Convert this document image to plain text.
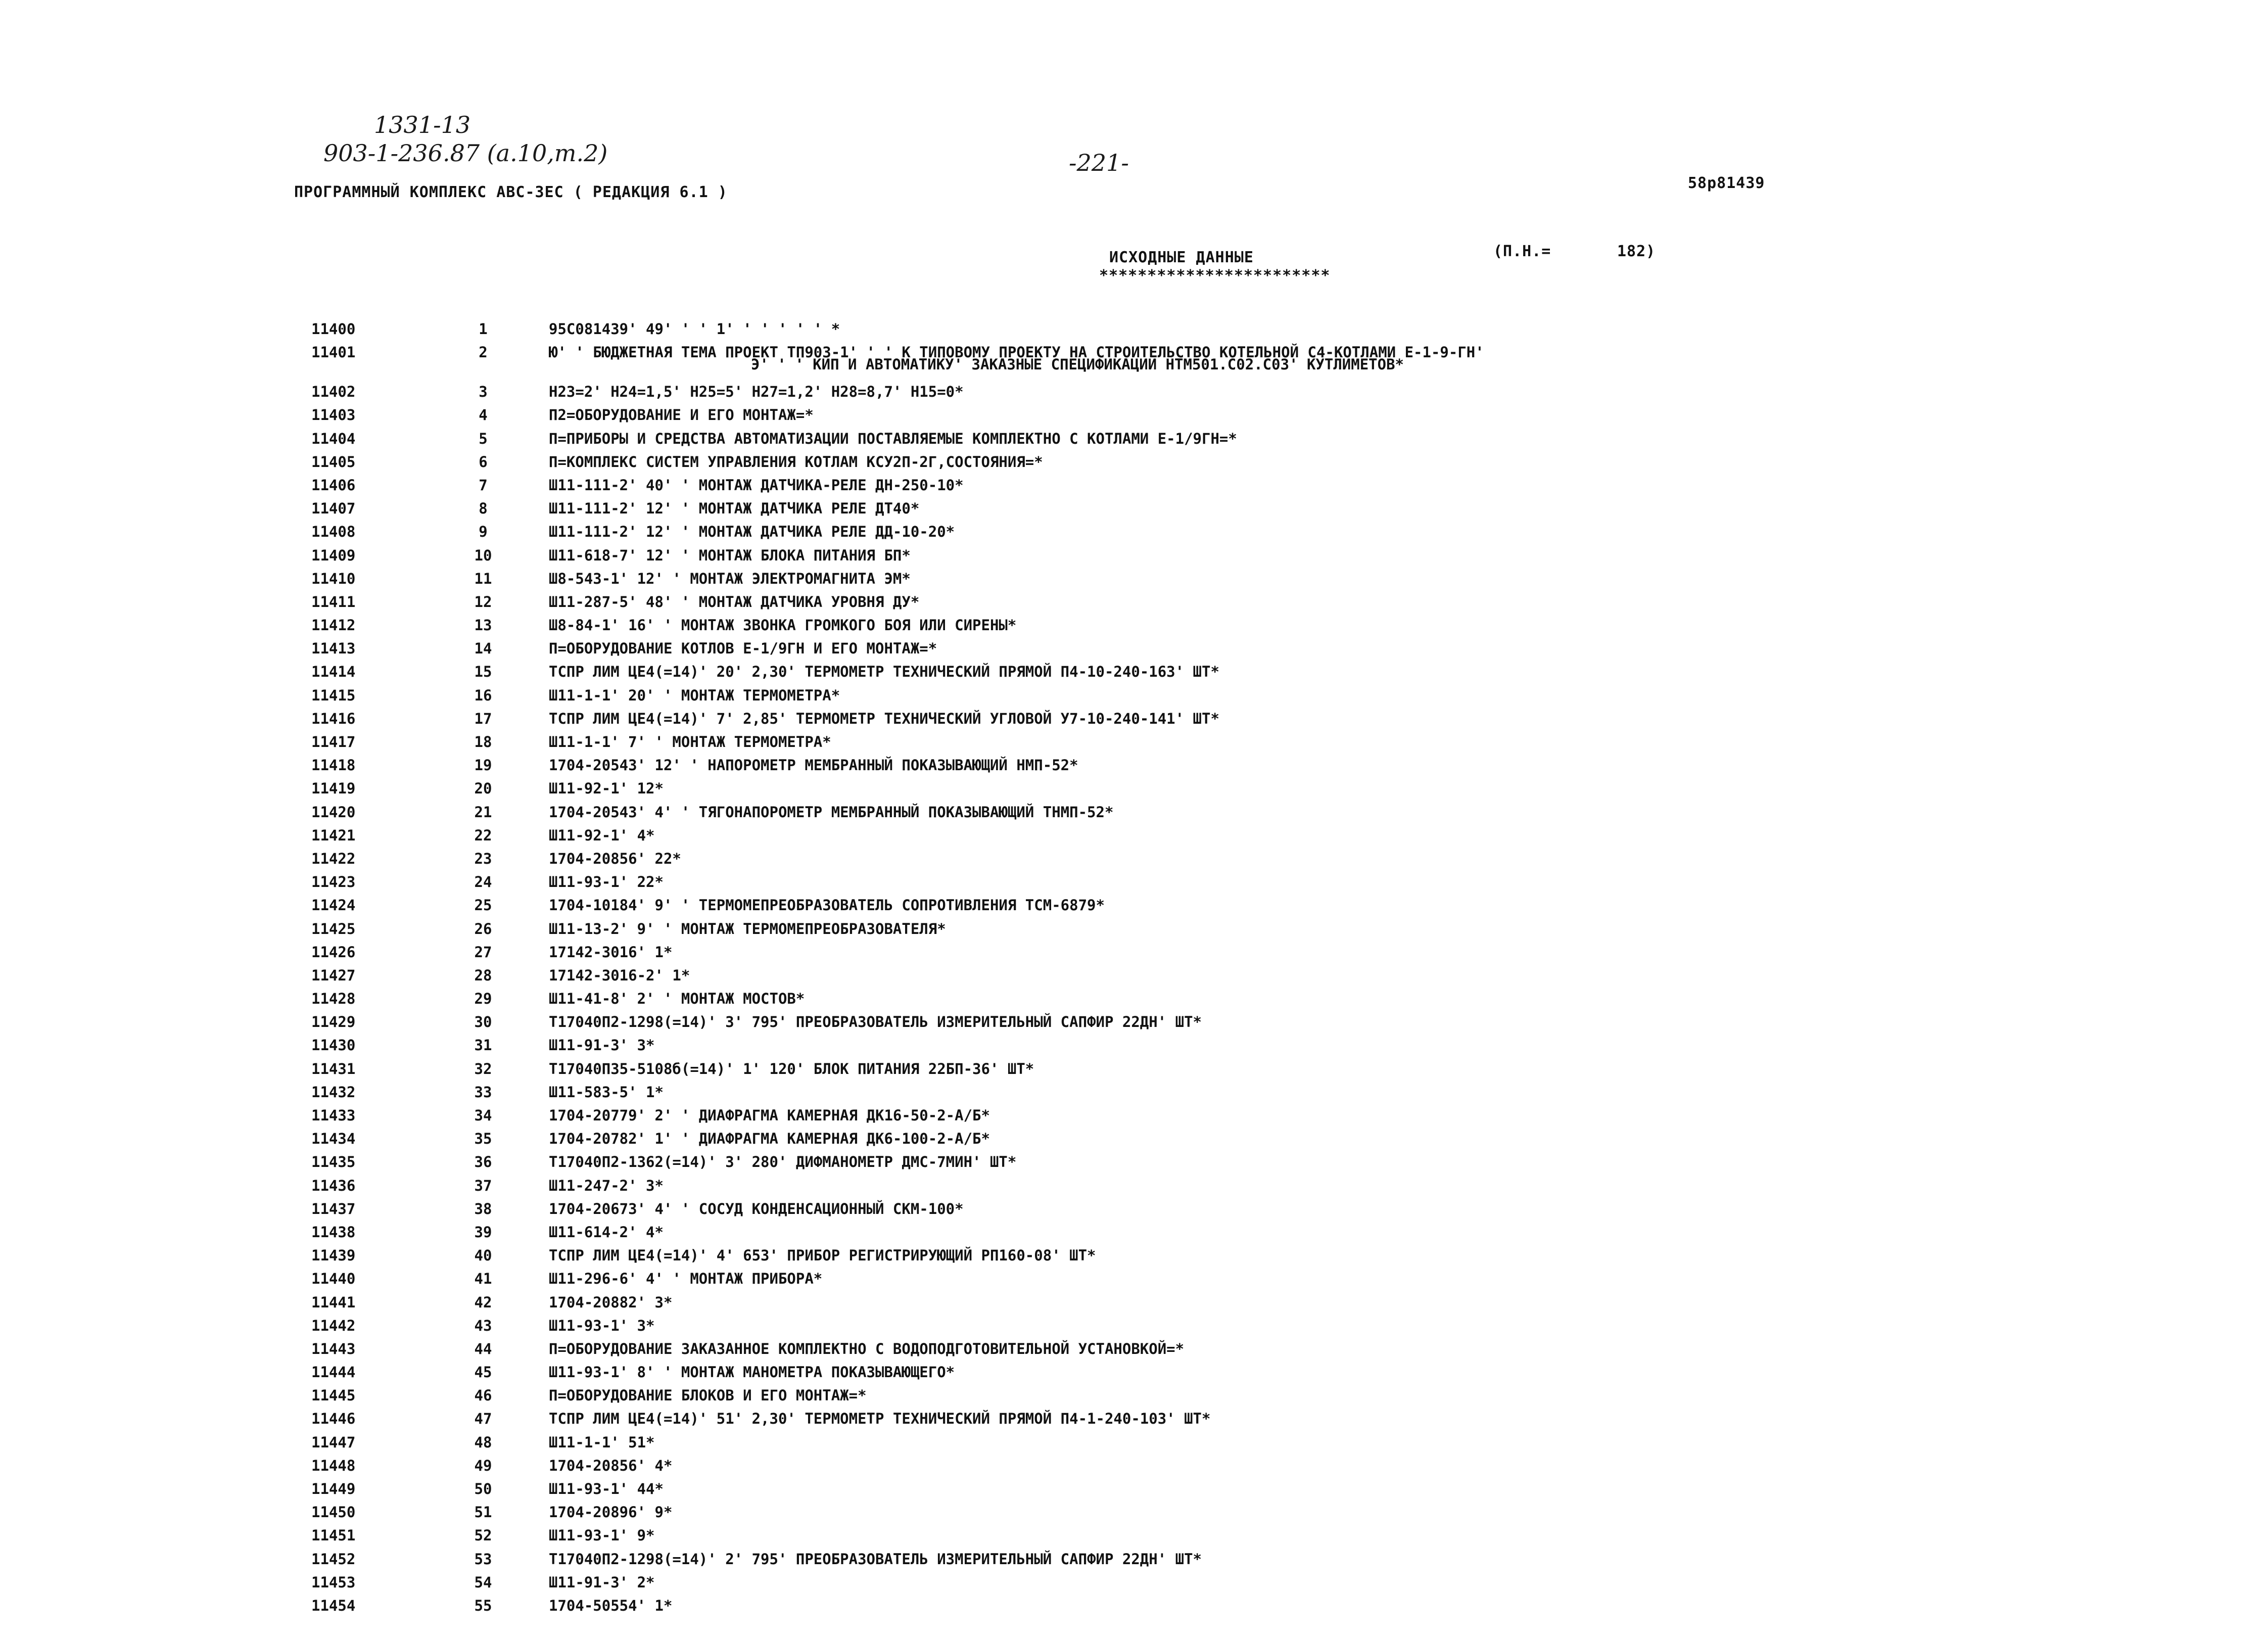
1331-13
903-1-236.87 (а.10,т.2)	-221-
ПРОГРАММНЫЙ КОМПЛЕКС АВС-3ЕС ( РЕДАКЦИЯ 6.1 )
58р81439
ИСХОДНЫЕ ДАННЫЕ
************************
(П.Н.=	182)
11400	1	95С081439' 49' ' ' 1' ' ' ' ' ' *
11401	2	Ю' ' БЮДЖЕТНАЯ ТЕМА ПРОЕКТ ТП903-1' ' ' К ТИПОВОМУ ПРОЕКТУ НА СТРОИТЕЛЬСТВО КОТЕЛЬНОЙ С4-КОТЛАМИ Е-1-9-ГН'
Э' ' ' КИП И АВТОМАТИКУ' ЗАКАЗНЫЕ СПЕЦИФИКАЦИИ НТМ501.С02.С03' КУТЛИМЕТОВ*
11402	3	Н23=2' Н24=1,5' Н25=5' Н27=1,2' Н28=8,7' Н15=0*
11403	4	П2=ОБОРУДОВАНИЕ И ЕГО МОНТАЖ=*
11404	5	П=ПРИБОРЫ И СРЕДСТВА АВТОМАТИЗАЦИИ ПОСТАВЛЯЕМЫЕ КОМПЛЕКТНО С КОТЛАМИ Е-1/9ГН=*
11405	6	П=КОМПЛЕКС СИСТЕМ УПРАВЛЕНИЯ КОТЛАМ КСУ2П-2Г,СОСТОЯНИЯ=*
11406	7	Ш11-111-2' 40' ' МОНТАЖ ДАТЧИКА-РЕЛЕ ДН-250-10*
11407	8	Ш11-111-2' 12' ' МОНТАЖ ДАТЧИКА РЕЛЕ ДТ40*
11408	9	Ш11-111-2' 12' ' МОНТАЖ ДАТЧИКА РЕЛЕ ДД-10-20*
11409	10	Ш11-618-7' 12' ' МОНТАЖ БЛОКА ПИТАНИЯ БП*
11410	11	Ш8-543-1' 12' ' МОНТАЖ ЭЛЕКТРОМАГНИТА ЭМ*
11411	12	Ш11-287-5' 48' ' МОНТАЖ ДАТЧИКА УРОВНЯ ДУ*
11412	13	Ш8-84-1' 16' ' МОНТАЖ ЗВОНКА ГРОМКОГО БОЯ ИЛИ СИРЕНЫ*
11413	14	П=ОБОРУДОВАНИЕ КОТЛОВ Е-1/9ГН И ЕГО МОНТАЖ=*
11414	15	ТСПР ЛИМ ЦЕ4(=14)' 20' 2,30' ТЕРМОМЕТР ТЕХНИЧЕСКИЙ ПРЯМОЙ П4-10-240-163' ШТ*
11415	16	Ш11-1-1' 20' ' МОНТАЖ ТЕРМОМЕТРА*
11416	17	ТСПР ЛИМ ЦЕ4(=14)' 7' 2,85' ТЕРМОМЕТР ТЕХНИЧЕСКИЙ УГЛОВОЙ У7-10-240-141' ШТ*
11417	18	Ш11-1-1' 7' ' МОНТАЖ ТЕРМОМЕТРА*
11418	19	1704-20543' 12' ' НАПОРОМЕТР МЕМБРАННЫЙ ПОКАЗЫВАЮЩИЙ НМП-52*
11419	20	Ш11-92-1' 12*
11420	21	1704-20543' 4' ' ТЯГОНАПОРОМЕТР МЕМБРАННЫЙ ПОКАЗЫВАЮЩИЙ ТНМП-52*
11421	22	Ш11-92-1' 4*
11422	23	1704-20856' 22*
11423	24	Ш11-93-1' 22*
11424	25	1704-10184' 9' ' ТЕРМОМЕПРЕОБРАЗОВАТЕЛЬ СОПРОТИВЛЕНИЯ ТСМ-6879*
11425	26	Ш11-13-2' 9' ' МОНТАЖ ТЕРМОМЕПРЕОБРАЗОВАТЕЛЯ*
11426	27	17142-3016' 1*
11427	28	17142-3016-2' 1*
11428	29	Ш11-41-8' 2' ' МОНТАЖ МОСТОВ*
11429	30	Т17040П2-1298(=14)' 3' 795' ПРЕОБРАЗОВАТЕЛЬ ИЗМЕРИТЕЛЬНЫЙ САПФИР 22ДН' ШТ*
11430	31	Ш11-91-3' 3*
11431	32	Т17040П35-5108б(=14)' 1' 120' БЛОК ПИТАНИЯ 22БП-36' ШТ*
11432	33	Ш11-583-5' 1*
11433	34	1704-20779' 2' ' ДИАФРАГМА КАМЕРНАЯ ДК16-50-2-А/Б*
11434	35	1704-20782' 1' ' ДИАФРАГМА КАМЕРНАЯ ДК6-100-2-А/Б*
11435	36	Т17040П2-1362(=14)' 3' 280' ДИФМАНОМЕТР ДМС-7МИН' ШТ*
11436	37	Ш11-247-2' 3*
11437	38	1704-20673' 4' ' СОСУД КОНДЕНСАЦИОННЫЙ СКМ-100*
11438	39	Ш11-614-2' 4*
11439	40	ТСПР ЛИМ ЦЕ4(=14)' 4' 653' ПРИБОР РЕГИСТРИРУЮЩИЙ РП160-08' ШТ*
11440	41	Ш11-296-6' 4' ' МОНТАЖ ПРИБОРА*
11441	42	1704-20882' 3*
11442	43	Ш11-93-1' 3*
11443	44	П=ОБОРУДОВАНИЕ ЗАКАЗАННОЕ КОМПЛЕКТНО С ВОДОПОДГОТОВИТЕЛЬНОЙ УСТАНОВКОЙ=*
11444	45	Ш11-93-1' 8' ' МОНТАЖ МАНОМЕТРА ПОКАЗЫВАЮЩЕГО*
11445	46	П=ОБОРУДОВАНИЕ БЛОКОВ И ЕГО МОНТАЖ=*
11446	47	ТСПР ЛИМ ЦЕ4(=14)' 51' 2,30' ТЕРМОМЕТР ТЕХНИЧЕСКИЙ ПРЯМОЙ П4-1-240-103' ШТ*
11447	48	Ш11-1-1' 51*
11448	49	1704-20856' 4*
11449	50	Ш11-93-1' 44*
11450	51	1704-20896' 9*
11451	52	Ш11-93-1' 9*
11452	53	Т17040П2-1298(=14)' 2' 795' ПРЕОБРАЗОВАТЕЛЬ ИЗМЕРИТЕЛЬНЫЙ САПФИР 22ДН' ШТ*
11453	54	Ш11-91-3' 2*
11454	55	1704-50554' 1*
